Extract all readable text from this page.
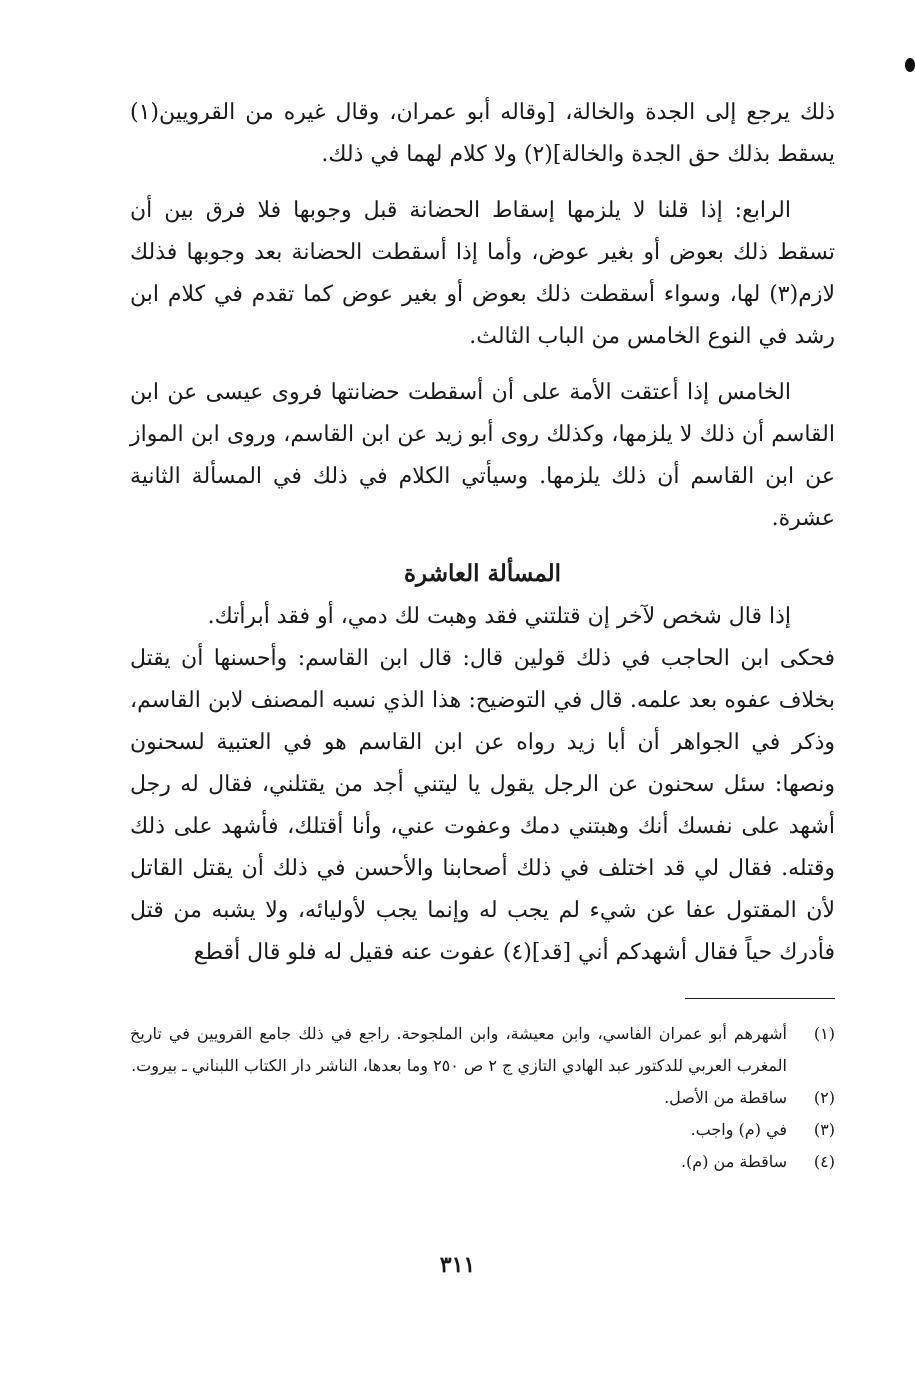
ذلك يرجع إلى الجدة والخالة، [وقاله أبو عمران، وقال غيره من القرويين(١) يسقط بذلك حق الجدة والخالة](٢) ولا كلام لهما في ذلك.

الرابع: إذا قلنا لا يلزمها إسقاط الحضانة قبل وجوبها فلا فرق بين أن تسقط ذلك بعوض أو بغير عوض، وأما إذا أسقطت الحضانة بعد وجوبها فذلك لازم(٣) لها، وسواء أسقطت ذلك بعوض أو بغير عوض كما تقدم في كلام ابن رشد في النوع الخامس من الباب الثالث.

الخامس إذا أعتقت الأمة على أن أسقطت حضانتها فروى عيسى عن ابن القاسم أن ذلك لا يلزمها، وكذلك روى أبو زيد عن ابن القاسم، وروى ابن المواز عن ابن القاسم أن ذلك يلزمها. وسيأتي الكلام في ذلك في المسألة الثانية عشرة.

المسألة العاشرة

إذا قال شخص لآخر إن قتلتني فقد وهبت لك دمي، أو فقد أبرأتك.

فحكى ابن الحاجب في ذلك قولين قال: قال ابن القاسم: وأحسنها أن يقتل بخلاف عفوه بعد علمه. قال في التوضيح: هذا الذي نسبه المصنف لابن القاسم، وذكر في الجواهر أن أبا زيد رواه عن ابن القاسم هو في العتبية لسحنون ونصها: سئل سحنون عن الرجل يقول يا ليتني أجد من يقتلني، فقال له رجل أشهد على نفسك أنك وهبتني دمك وعفوت عني، وأنا أقتلك، فأشهد على ذلك وقتله. فقال لي قد اختلف في ذلك أصحابنا والأحسن في ذلك أن يقتل القاتل لأن المقتول عفا عن شيء لم يجب له وإنما يجب لأوليائه، ولا يشبه من قتل فأدرك حياً فقال أشهدكم أني [قد](٤) عفوت عنه فقيل له فلو قال أقطع

(١)
أشهرهم أبو عمران الفاسي، وابن معيشة، وابن الملجوحة. راجع في ذلك جامع القرويين في تاريخ المغرب العربي للدكتور عبد الهادي التازي ج ٢ ص ٢٥٠ وما بعدها، الناشر دار الكتاب اللبناني ـ بيروت.
(٢)
ساقطة من الأصل.
(٣)
في (م) واجب.
(٤)
ساقطة من (م).
٣١١
